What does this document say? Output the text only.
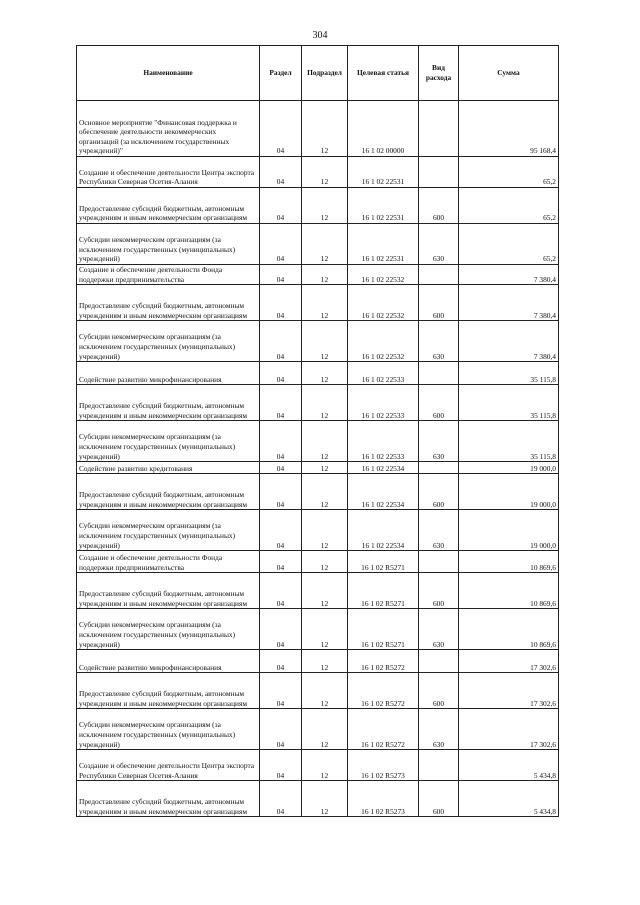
304
Наименование	Раздел	Подраздел	Целевая статья	Вид расхода	Сумма
Основное мероприятие "Финансовая поддержка и обеспечение деятельности некоммерческих организаций (за исключением государственных учреждений)"	04	12	16 1 02 00000		95 168,4
Создание и обеспечение деятельности Центра экспорта Республики Северная Осетия-Алания	04	12	16 1 02 22531		65,2
Предоставление субсидий бюджетным, автономным учреждениям и иным некоммерческим организациям	04	12	16 1 02 22531	600	65,2
Субсидии некоммерческим организациям (за исключением государственных (муниципальных) учреждений)	04	12	16 1 02 22531	630	65,2
Создание и обеспечение деятельности Фонда поддержки предпринимательства	04	12	16 1 02 22532		7 380,4
Предоставление субсидий бюджетным, автономным учреждениям и иным некоммерческим организациям	04	12	16 1 02 22532	600	7 380,4
Субсидии некоммерческим организациям (за исключением государственных (муниципальных) учреждений)	04	12	16 1 02 22532	630	7 380,4
Содействие развитию микрофинансирования	04	12	16 1 02 22533		35 115,8
Предоставление субсидий бюджетным, автономным учреждениям и иным некоммерческим организациям	04	12	16 1 02 22533	600	35 115,8
Субсидии некоммерческим организациям (за исключением государственных (муниципальных) учреждений)	04	12	16 1 02 22533	630	35 115,8
Содействие развитию кредитования	04	12	16 1 02 22534		19 000,0
Предоставление субсидий бюджетным, автономным учреждениям и иным некоммерческим организациям	04	12	16 1 02 22534	600	19 000,0
Субсидии некоммерческим организациям (за исключением государственных (муниципальных) учреждений)	04	12	16 1 02 22534	630	19 000,0
Создание и обеспечение деятельности Фонда поддержки предпринимательства	04	12	16 1 02 R5271		10 869,6
Предоставление субсидий бюджетным, автономным учреждениям и иным некоммерческим организациям	04	12	16 1 02 R5271	600	10 869,6
Субсидии некоммерческим организациям (за исключением государственных (муниципальных) учреждений)	04	12	16 1 02 R5271	630	10 869,6
Содействие развитию микрофинансирования	04	12	16 1 02 R5272		17 302,6
Предоставление субсидий бюджетным, автономным учреждениям и иным некоммерческим организациям	04	12	16 1 02 R5272	600	17 302,6
Субсидии некоммерческим организациям (за исключением государственных (муниципальных) учреждений)	04	12	16 1 02 R5272	630	17 302,6
Создание и обеспечение деятельности Центра экспорта Республики Северная Осетия-Алания	04	12	16 1 02 R5273		5 434,8
Предоставление субсидий бюджетным, автономным учреждениям и иным некоммерческим организациям	04	12	16 1 02 R5273	600	5 434,8
